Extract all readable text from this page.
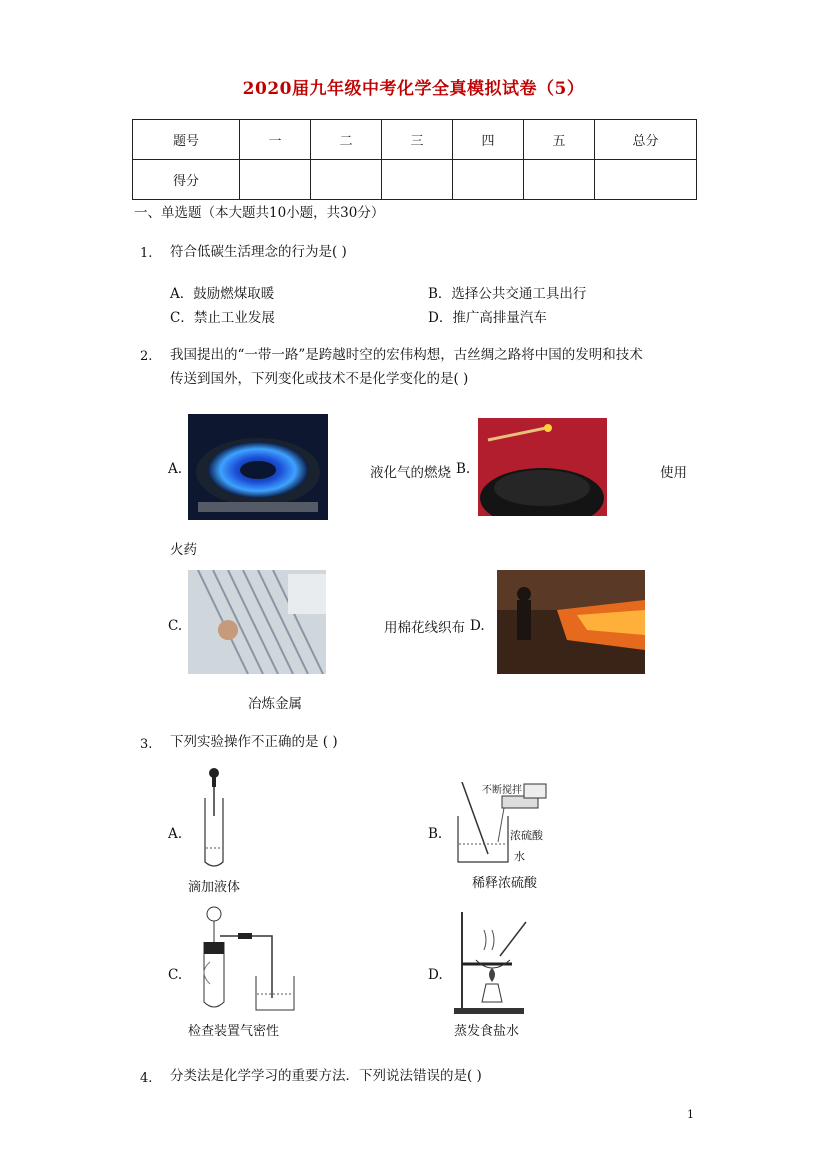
2020届九年级中考化学全真模拟试卷（5）
题号	一	二	三	四	五	总分
得分						
一、单选题（本大题共10小题，共30分）
1. 符合低碳生活理念的行为是( )
A．鼓励燃煤取暖	B．选择公共交通工具出行
C．禁止工业发展	D．推广高排量汽车
2. 我国提出的“一带一路”是跨越时空的宏伟构想，古丝绸之路将中国的发明和技术
传送到国外，下列变化或技术不是化学变化的是( )
A.	液化气的燃烧 B.	使用
火药
C.	用棉花线织布 D.
冶炼金属
3. 下列实验操作不正确的是 ( )
A.
滴加液体
B.
不断搅拌
浓硫酸
水
稀释浓硫酸
C.
检查装置气密性
D.
蒸发食盐水
4. 分类法是化学学习的重要方法．下列说法错误的是( )
1
